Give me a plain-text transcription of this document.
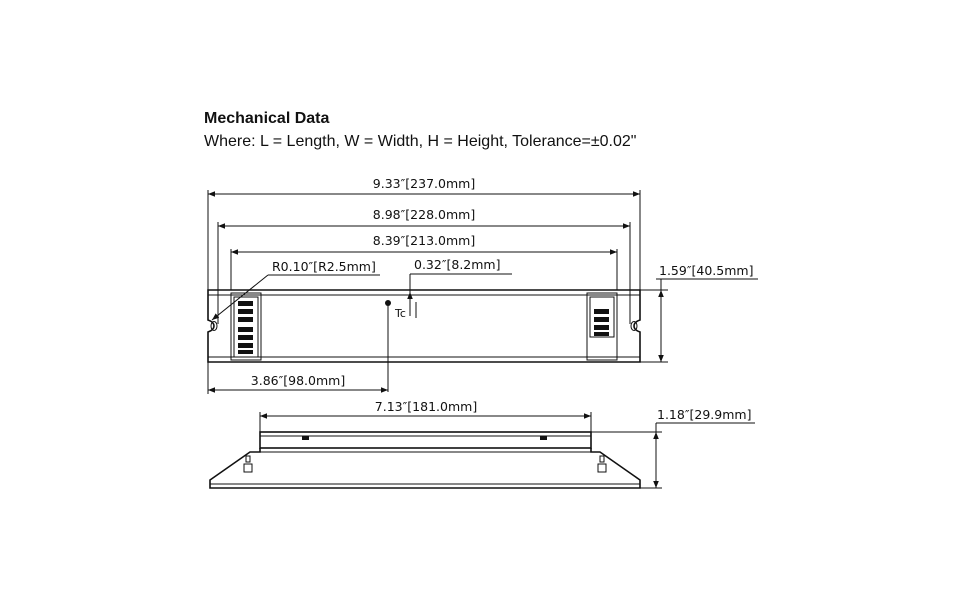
Mechanical Data
Where: L = Length, W = Width, H = Height, Tolerance=±0.02"
9.33″[237.0mm]
8.98″[228.0mm]
8.39″[213.0mm]
R0.10″[R2.5mm]	0.32″[8.2mm]
Tc
1.59″[40.5mm]
3.86″[98.0mm]
7.13″[181.0mm]
1.18″[29.9mm]
